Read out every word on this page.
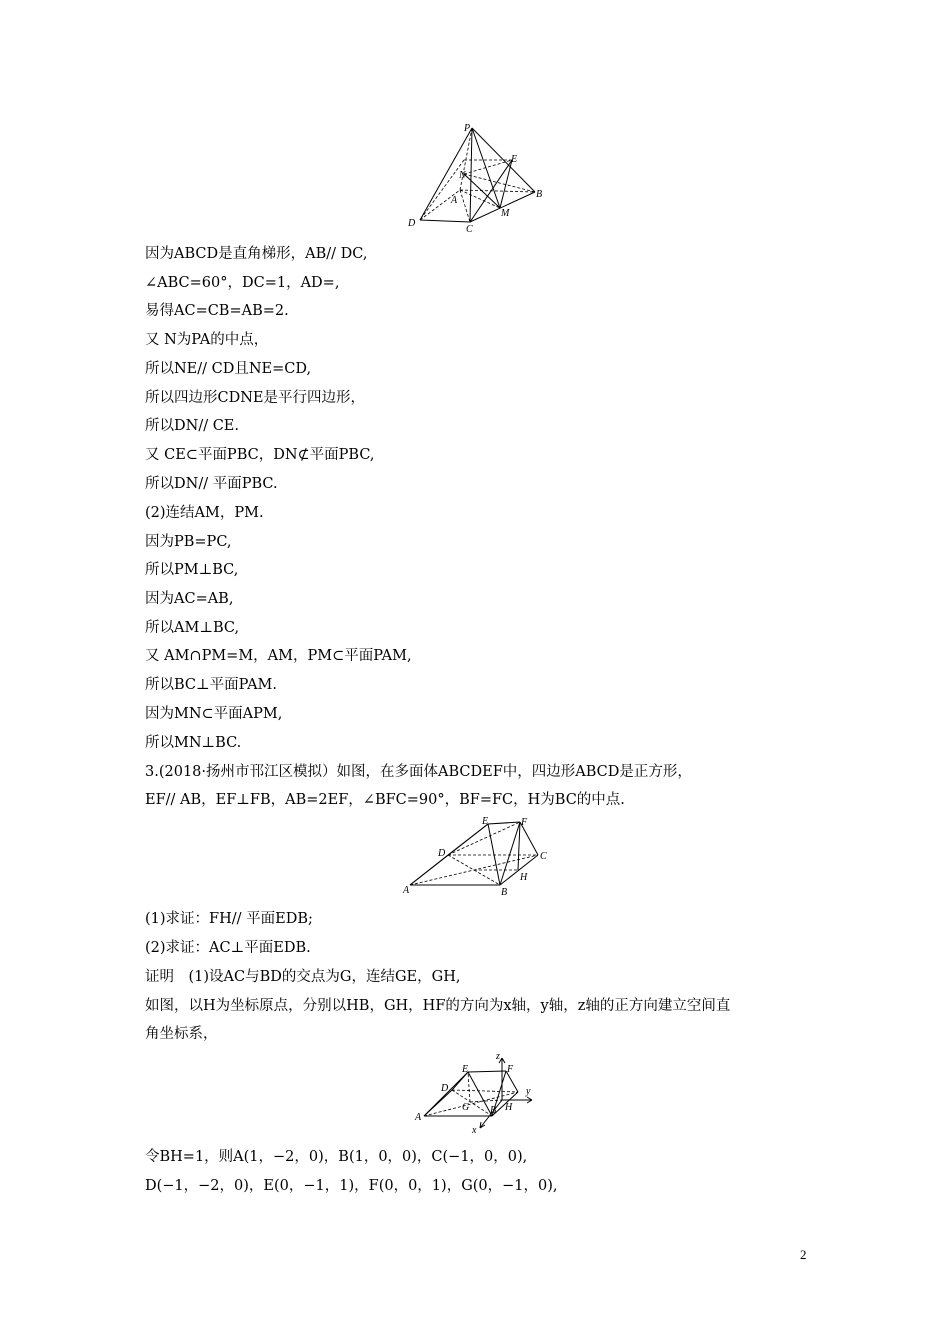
P
E
N
A
B
M
D
C
因为ABCD是直角梯形，AB// DC,
∠ABC=60°，DC=1，AD=,
易得AC=CB=AB=2.
又 N为PA的中点，
所以NE// CD且NE=CD,
所以四边形CDNE是平行四边形，
所以DN// CE.
又 CE⊂平面PBC，DN⊄平面PBC,
所以DN// 平面PBC.
(2)连结AM，PM.
因为PB=PC,
所以PM⊥BC,
因为AC=AB,
所以AM⊥BC,
又 AM∩PM=M，AM，PM⊂平面PAM,
所以BC⊥平面PAM.
因为MN⊂平面APM,
所以MN⊥BC.
3.(2018·扬州市邗江区模拟）如图，在多面体ABCDEF中，四边形ABCD是正方形，
EF// AB，EF⊥FB，AB=2EF，∠BFC=90°，BF=FC，H为BC的中点.
E	F
D	C
H
A	B
(1)求证：FH// 平面EDB;
(2)求证：AC⊥平面EDB.
证明　(1)设AC与BD的交点为G，连结GE，GH,
如图，以H为坐标原点，分别以HB，GH，HF的方向为x轴，y轴，z轴的正方向建立空间直
角坐标系，
z
E	F
D	y
G B H
A
x
令BH=1，则A(1，−2，0)，B(1，0，0)，C(−1，0，0),
D(−1，−2，0)，E(0，−1，1)，F(0，0，1)，G(0，−1，0),
2
